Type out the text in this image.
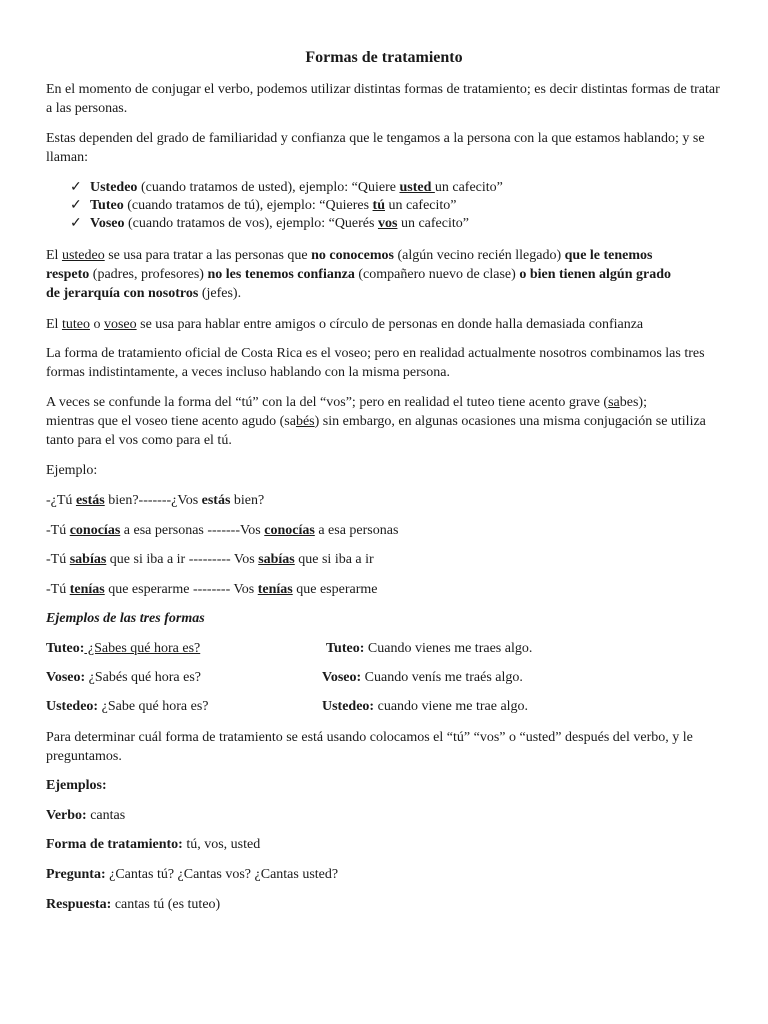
Formas de tratamiento
En el momento de conjugar el verbo, podemos utilizar distintas formas de tratamiento; es decir distintas formas de tratar a las personas.
Estas dependen del grado de familiaridad y confianza que le tengamos a la persona con la que estamos hablando; y se llaman:
✓ Ustedeo (cuando tratamos de usted), ejemplo: “Quiere usted un cafecito”
✓ Tuteo (cuando tratamos de tú), ejemplo: “Quieres tú un cafecito”
✓ Voseo (cuando tratamos de vos), ejemplo: “Querés vos un cafecito”
El ustedeo se usa para tratar a las personas que no conocemos (algún vecino recién llegado) que le tenemos
respeto (padres, profesores) no les tenemos confianza (compañero nuevo de clase) o bien tienen algún grado
de jerarquía con nosotros (jefes).
El tuteo o voseo se usa para hablar entre amigos o círculo de personas en donde halla demasiada confianza
La forma de tratamiento oficial de Costa Rica es el voseo; pero en realidad actualmente nosotros combinamos las tres formas indistintamente, a veces incluso hablando con la misma persona.
A veces se confunde la forma del “tú” con la del “vos”; pero en realidad el tuteo tiene acento grave (sabes);
mientras que el voseo tiene acento agudo (sabés) sin embargo, en algunas ocasiones una misma conjugación se utiliza tanto para el vos como para el tú.
Ejemplo:
-¿Tú estás bien?-------¿Vos estás bien?
-Tú conocías a esa personas -------Vos conocías a esa personas
-Tú sabías que si iba a ir --------- Vos sabías que si iba a ir
-Tú tenías que esperarme -------- Vos tenías que esperarme
Ejemplos de las tres formas
Tuteo: ¿Sabes qué hora es?	Tuteo: Cuando vienes me traes algo.
Voseo: ¿Sabés qué hora es?	Voseo: Cuando venís me traés algo.
Ustedeo: ¿Sabe qué hora es?	Ustedeo: cuando viene me trae algo.
Para determinar cuál forma de tratamiento se está usando colocamos el “tú” “vos” o “usted” después del verbo, y le preguntamos.
Ejemplos:
Verbo: cantas
Forma de tratamiento: tú, vos, usted
Pregunta: ¿Cantas tú? ¿Cantas vos? ¿Cantas usted?
Respuesta: cantas tú (es tuteo)
